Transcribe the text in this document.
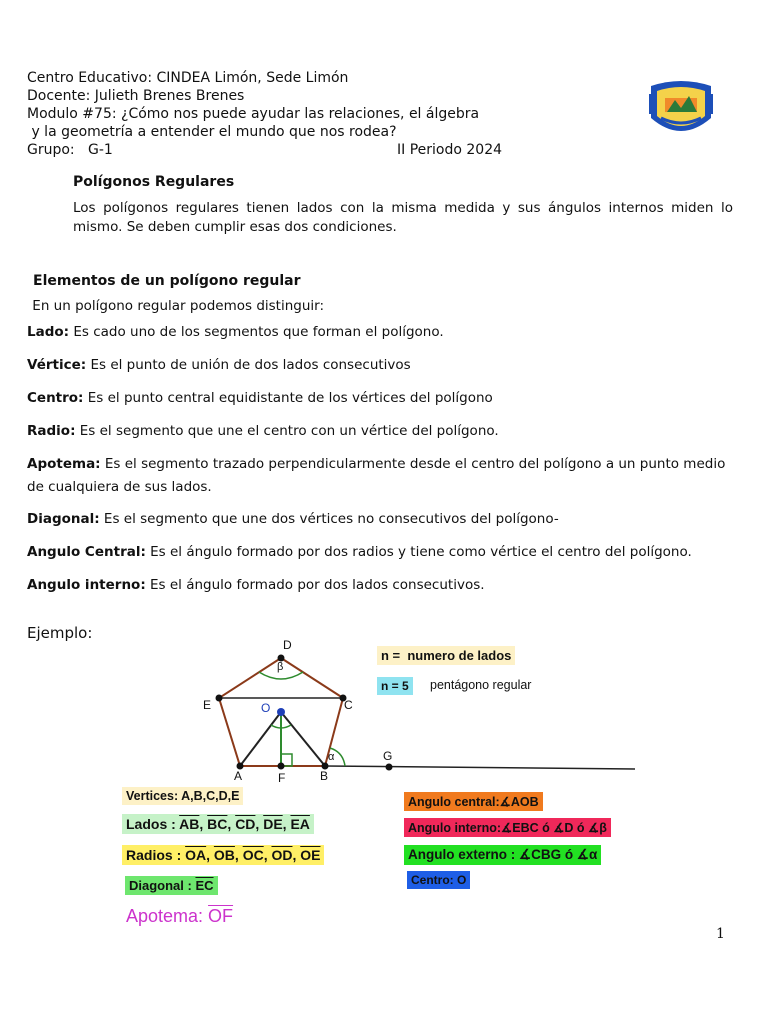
Centro Educativo: CINDEA Limón, Sede Limón
Docente: Julieth Brenes Brenes
Modulo #75: ¿Cómo nos puede ayudar las relaciones, el álgebra
y la geometría a entender el mundo que nos rodea?
Grupo:   G-1	II Periodo 2024
Polígonos Regulares
Los polígonos regulares tienen lados con la misma medida y sus ángulos internos miden lo mismo. Se deben cumplir esas dos condiciones.
Elementos de un polígono regular
En un polígono regular podemos distinguir:
Lado: Es cado uno de los segmentos que forman el polígono.
Vértice: Es el punto de unión de dos lados consecutivos
Centro: Es el punto central equidistante de los vértices del polígono
Radio: Es el segmento que une el centro con un vértice del polígono.
Apotema: Es el segmento trazado perpendicularmente desde el centro del polígono a un punto medio de cualquiera de sus lados.
Diagonal: Es el segmento que une dos vértices no consecutivos del polígono-
Angulo Central: Es el ángulo formado por dos radios y tiene como vértice el centro del polígono.
Angulo interno: Es el ángulo formado por dos lados consecutivos.
Ejemplo:
A	B
C
D
E
F
G
O
β
α
n =  numero de lados
n = 5	pentágono regular
Vertices: A,B,C,D,E
Lados : $\overline{AB}$, $\overline{BC}$, $\overline{CD}$, $\overline{DE}$, $\overline{EA}$
Radios : $\overline{OA}$, $\overline{OB}$, $\overline{OC}$, $\overline{OD}$, $\overline{OE}$
Diagonal : $\overline{EC}$
Apotema: $\overline{OF}$
Angulo central:∡AOB
Angulo interno:∡EBC ó ∡D ó ∡β
Angulo externo : ∡CBG ó ∡α
Centro: O
1
